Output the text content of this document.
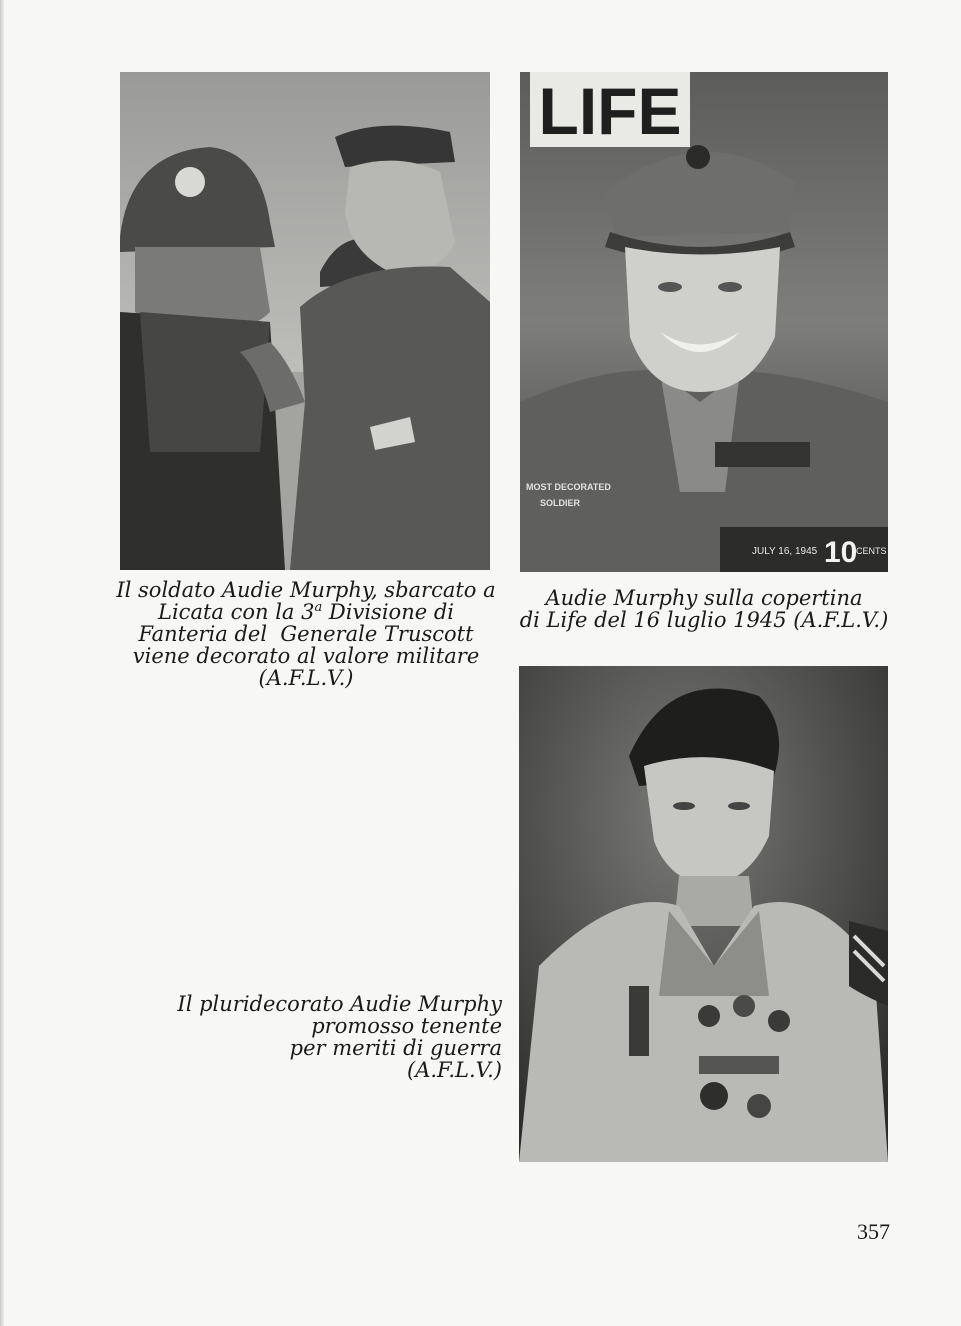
LIFE
MOST DECORATED
SOLDIER
JULY 16, 1945 10
CENTS

Il soldato Audie Murphy, sbarcato a
Licata con la 3$^a$ Divisione di
Fanteria del  Generale Truscott
viene decorato al valore militare
(A.F.L.V.)

Audie Murphy sulla copertina
di Life del 16 luglio 1945 (A.F.L.V.)

Il pluridecorato Audie Murphy
promosso tenente
per meriti di guerra
(A.F.L.V.)

357
